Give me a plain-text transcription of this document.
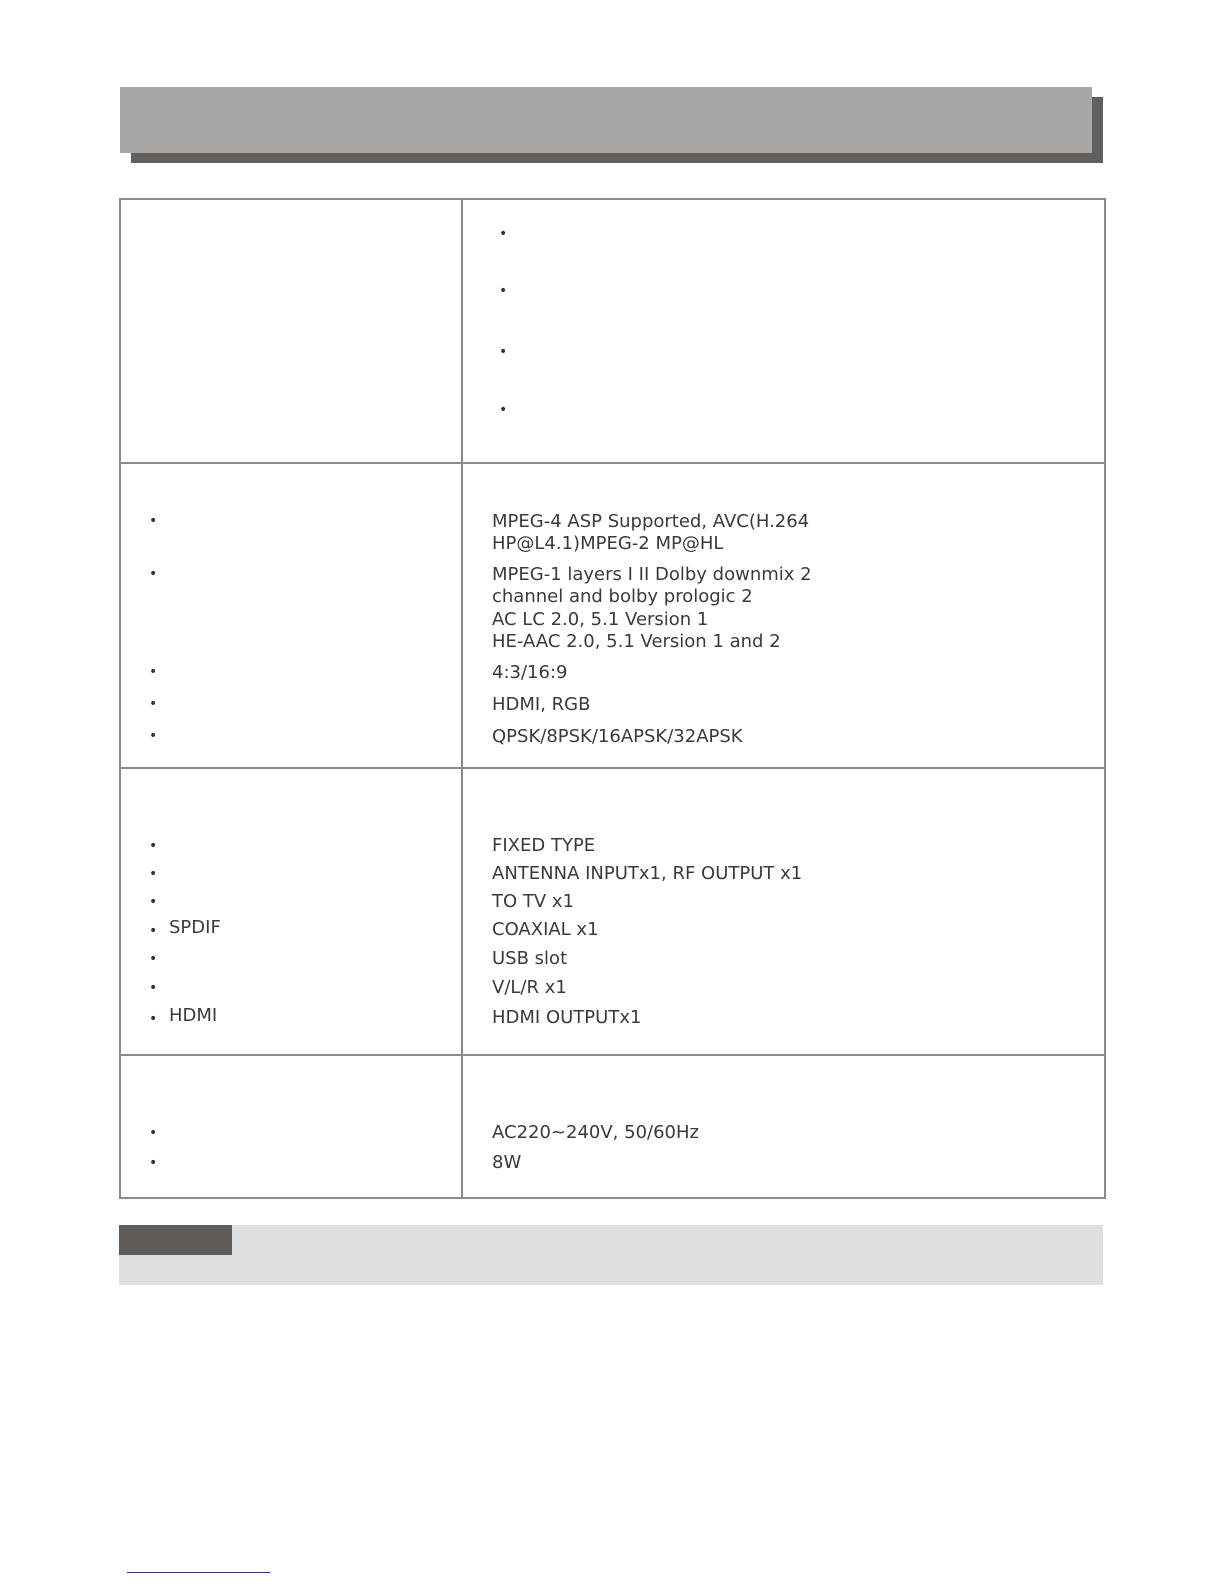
•
•
•
•

•	MPEG-4 ASP Supported, AVC(H.264
HP@L4.1)MPEG-2 MP@HL
•	MPEG-1 layers I II Dolby downmix 2
channel and bolby prologic 2
AC LC 2.0, 5.1 Version 1
HE-AAC 2.0, 5.1 Version 1 and 2
•	4:3/16:9
•	HDMI, RGB
•	QPSK/8PSK/16APSK/32APSK

•	FIXED TYPE
•	ANTENNA INPUTx1, RF OUTPUT x1
•	TO TV x1
• SPDIF	COAXIAL x1
•	USB slot
•	V/L/R x1
• HDMI	HDMI OUTPUTx1

•	AC220~240V, 50/60Hz
•	8W
